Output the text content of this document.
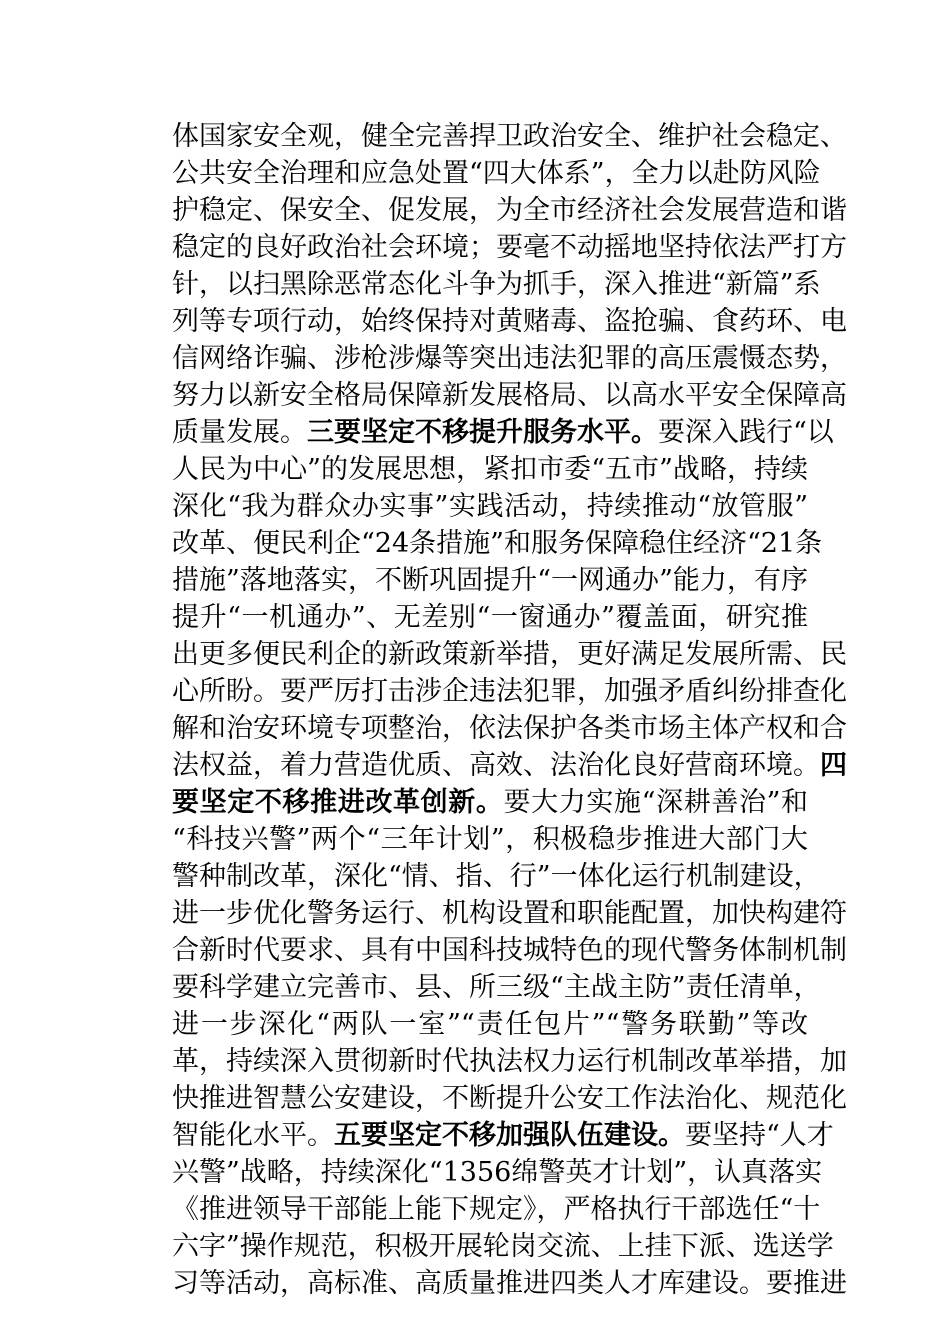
体国家安全观，健全完善捍卫政治安全、维护社会稳定、
公共安全治理和应急处置“四大体系”，全力以赴防风险
护稳定、保安全、促发展，为全市经济社会发展营造和谐
稳定的良好政治社会环境；要毫不动摇地坚持依法严打方
针，以扫黑除恶常态化斗争为抓手，深入推进“新篇”系
列等专项行动，始终保持对黄赌毒、盗抢骗、食药环、电
信网络诈骗、涉枪涉爆等突出违法犯罪的高压震慑态势，
努力以新安全格局保障新发展格局、以高水平安全保障高
质量发展。三要坚定不移提升服务水平。要深入践行“以
人民为中心”的发展思想，紧扣市委“五市”战略，持续
深化“我为群众办实事”实践活动，持续推动“放管服”
改革、便民利企“24条措施”和服务保障稳住经济“21条
措施”落地落实，不断巩固提升“一网通办”能力，有序
提升“一机通办”、无差别“一窗通办”覆盖面，研究推
出更多便民利企的新政策新举措，更好满足发展所需、民
心所盼。要严厉打击涉企违法犯罪，加强矛盾纠纷排查化
解和治安环境专项整治，依法保护各类市场主体产权和合
法权益，着力营造优质、高效、法治化良好营商环境。四
要坚定不移推进改革创新。要大力实施“深耕善治”和
“科技兴警”两个“三年计划”，积极稳步推进大部门大
警种制改革，深化“情、指、行”一体化运行机制建设，
进一步优化警务运行、机构设置和职能配置，加快构建符
合新时代要求、具有中国科技城特色的现代警务体制机制
要科学建立完善市、县、所三级“主战主防”责任清单，
进一步深化“两队一室”“责任包片”“警务联勤”等改
革，持续深入贯彻新时代执法权力运行机制改革举措，加
快推进智慧公安建设，不断提升公安工作法治化、规范化
智能化水平。五要坚定不移加强队伍建设。要坚持“人才
兴警”战略，持续深化“1356绵警英才计划”，认真落实
《推进领导干部能上能下规定》，严格执行干部选任“十
六字”操作规范，积极开展轮岗交流、上挂下派、选送学
习等活动，高标准、高质量推进四类人才库建设。要推进
